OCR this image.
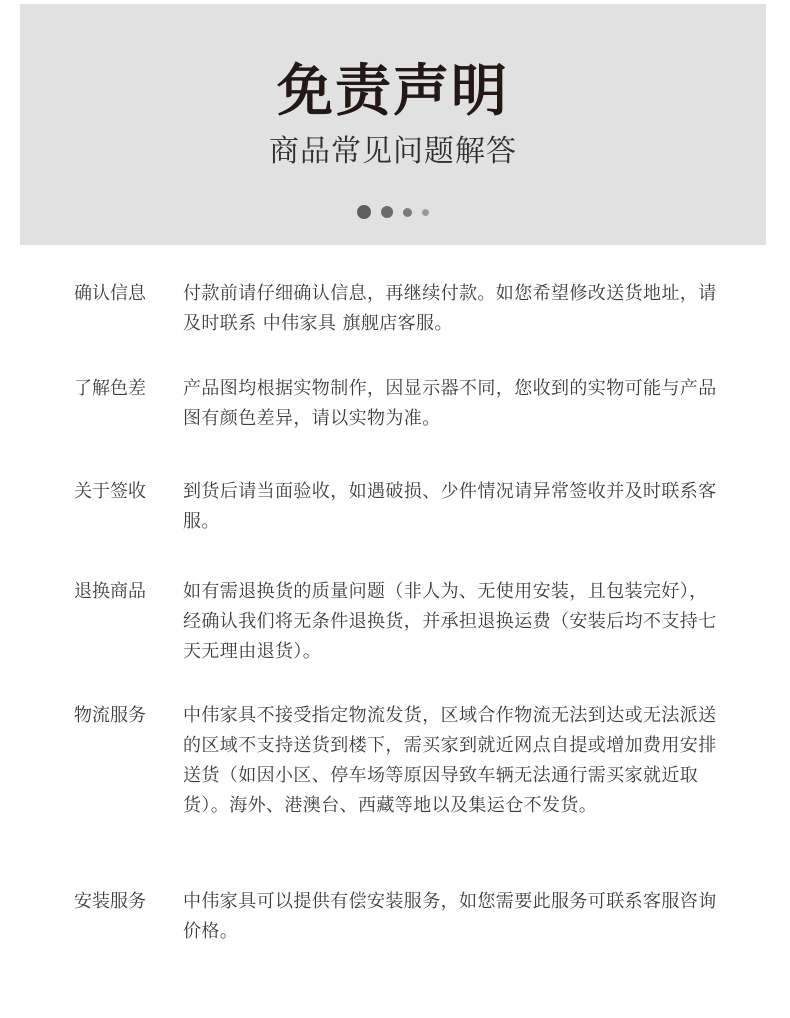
免责声明
商品常见问题解答
确认信息	付款前请仔细确认信息，再继续付款。如您希望修改送货地址，请及时联系 中伟家具 旗舰店客服。
了解色差	产品图均根据实物制作，因显示器不同，您收到的实物可能与产品图有颜色差异，请以实物为准。
关于签收	到货后请当面验收，如遇破损、少件情况请异常签收并及时联系客服。
退换商品	如有需退换货的质量问题（非人为、无使用安装，且包装完好），经确认我们将无条件退换货，并承担退换运费（安装后均不支持七天无理由退货）。
物流服务	中伟家具不接受指定物流发货，区域合作物流无法到达或无法派送的区域不支持送货到楼下，需买家到就近网点自提或增加费用安排送货（如因小区、停车场等原因导致车辆无法通行需买家就近取货）。海外、港澳台、西藏等地以及集运仓不发货。
安装服务	中伟家具可以提供有偿安装服务，如您需要此服务可联系客服咨询价格。
